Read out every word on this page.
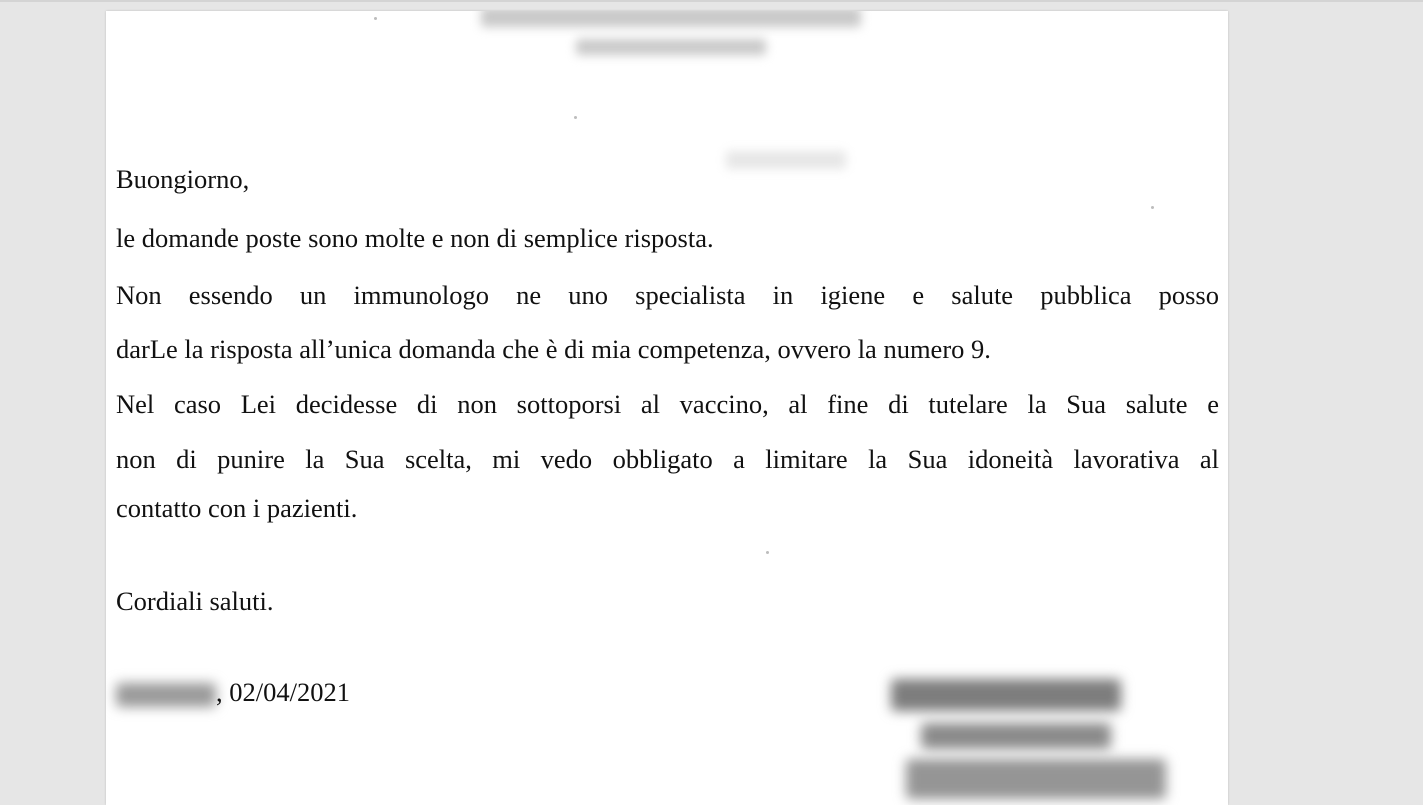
Buongiorno,
le domande poste sono molte e non di semplice risposta.
Non essendo un immunologo ne uno specialista in igiene e salute pubblica posso
darLe la risposta all’unica domanda che è di mia competenza, ovvero la numero 9.
Nel caso Lei decidesse di non sottoporsi al vaccino, al fine di tutelare la Sua salute e
non di punire la Sua scelta, mi vedo obbligato a limitare la Sua idoneità lavorativa al
contatto con i pazienti.
Cordiali saluti.
, 02/04/2021
